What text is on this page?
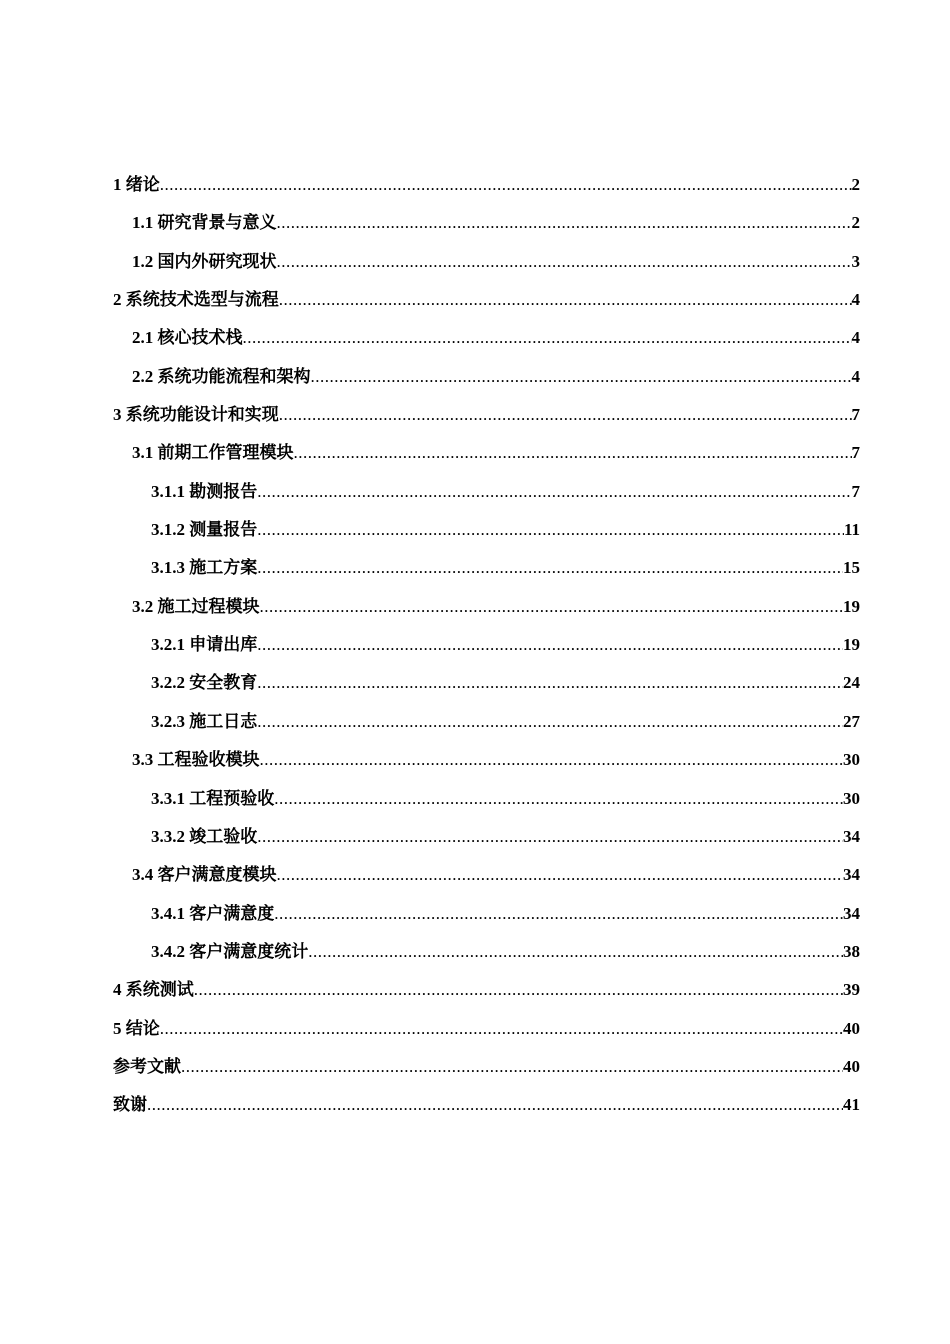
1 绪论 .....	2
1.1 研究背景与意义 .....	2
1.2 国内外研究现状 .....	3
2 系统技术选型与流程 .....	4
2.1 核心技术栈 .....	4
2.2 系统功能流程和架构 .....	4
3 系统功能设计和实现 .....	7
3.1 前期工作管理模块 .....	7
3.1.1 勘测报告 .....	7
3.1.2 测量报告 .....	11
3.1.3 施工方案 .....	15
3.2 施工过程模块 .....	19
3.2.1 申请出库 .....	19
3.2.2 安全教育 .....	24
3.2.3 施工日志 .....	27
3.3 工程验收模块 .....	30
3.3.1 工程预验收 .....	30
3.3.2 竣工验收 .....	34
3.4 客户满意度模块 .....	34
3.4.1 客户满意度 .....	34
3.4.2 客户满意度统计 .....	38
4 系统测试 .....	39
5 结论 .....	40
参考文献 .....	40
致谢 .....	41
